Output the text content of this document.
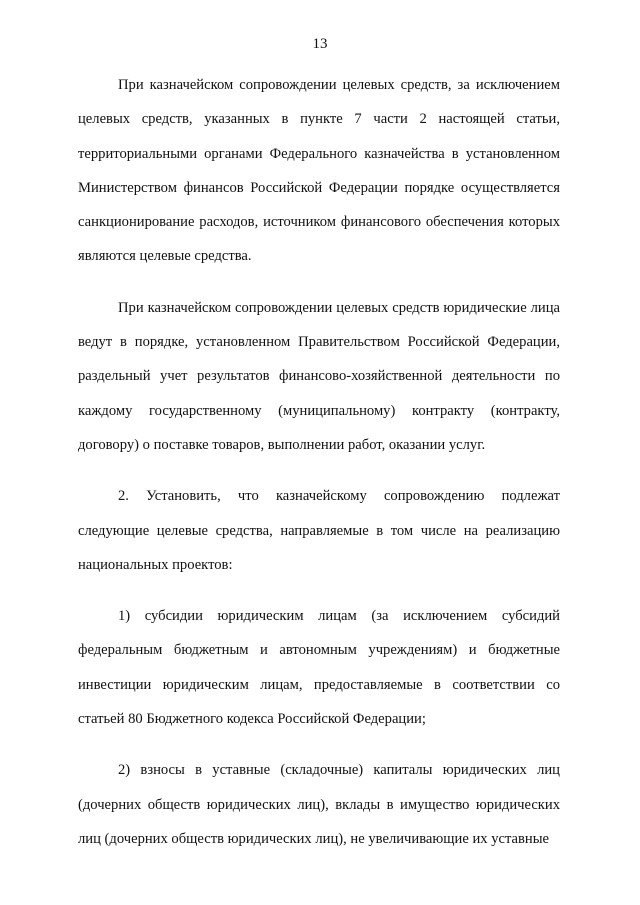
13

При казначейском сопровождении целевых средств, за исключением целевых средств, указанных в пункте 7 части 2 настоящей статьи, территориальными органами Федерального казначейства в установленном Министерством финансов Российской Федерации порядке осуществляется санкционирование расходов, источником финансового обеспечения которых являются целевые средства.

При казначейском сопровождении целевых средств юридические лица ведут в порядке, установленном Правительством Российской Федерации, раздельный учет результатов финансово-хозяйственной деятельности по каждому государственному (муниципальному) контракту (контракту, договору) о поставке товаров, выполнении работ, оказании услуг.

2. Установить, что казначейскому сопровождению подлежат следующие целевые средства, направляемые в том числе на реализацию национальных проектов:

1) субсидии юридическим лицам (за исключением субсидий федеральным бюджетным и автономным учреждениям) и бюджетные инвестиции юридическим лицам, предоставляемые в соответствии со статьей 80 Бюджетного кодекса Российской Федерации;

2) взносы в уставные (складочные) капиталы юридических лиц (дочерних обществ юридических лиц), вклады в имущество юридических лиц (дочерних обществ юридических лиц), не увеличивающие их уставные
